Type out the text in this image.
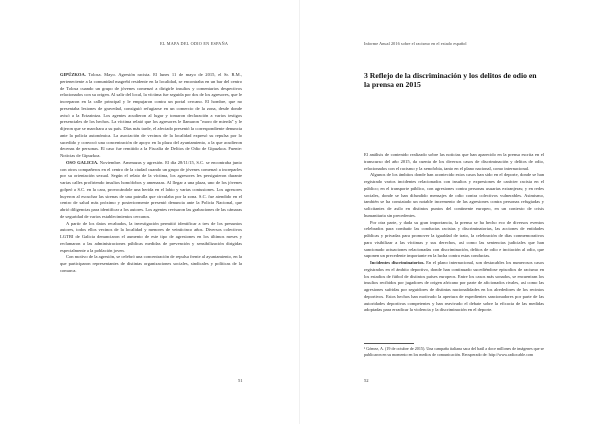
EL MAPA DEL ODIO EN ESPAÑA

GIPÚZKOA. Tolosa. Mayo. Agresión racista. El lunes 11 de mayo de 2015, el Sr. R.M., perteneciente a la comunidad magrebí residente en la localidad, se encontraba en un bar del centro de Tolosa cuando un grupo de jóvenes comenzó a dirigirle insultos y comentarios despectivos relacionados con su origen. Al salir del local, la víctima fue seguida por dos de los agresores, que le increparon en la calle principal y le empujaron contra un portal cercano. El hombre, que no presentaba lesiones de gravedad, consiguió refugiarse en un comercio de la zona, desde donde avisó a la Ertzaintza. Los agentes acudieron al lugar y tomaron declaración a varios testigos presenciales de los hechos. La víctima relató que los agresores le llamaron "moro de mierda" y le dijeron que se marchara a su país. Días más tarde, el afectado presentó la correspondiente denuncia ante la policía autonómica. La asociación de vecinos de la localidad expresó su repulsa por lo sucedido y convocó una concentración de apoyo en la plaza del ayuntamiento, a la que acudieron decenas de personas. El caso fue remitido a la Fiscalía de Delitos de Odio de Gipuzkoa. Fuente: Noticias de Gipuzkoa.

OSO GALICIA. Noviembre. Amenazas y agresión. El día 28/11/15, S.C. se encontraba junto con otros compañeros en el centro de la ciudad cuando un grupo de jóvenes comenzó a increparles por su orientación sexual. Según el relato de la víctima, los agresores les persiguieron durante varias calles profiriendo insultos homófobos y amenazas. Al llegar a una plaza, uno de los jóvenes golpeó a S.C. en la cara, provocándole una herida en el labio y varias contusiones. Los agresores huyeron al escuchar las sirenas de una patrulla que circulaba por la zona. S.C. fue atendido en el centro de salud más próximo y posteriormente presentó denuncia ante la Policía Nacional, que abrió diligencias para identificar a los autores. Los agentes revisaron las grabaciones de las cámaras de seguridad de varios establecimientos cercanos.

A partir de los datos recabados, la investigación permitió identificar a tres de los presuntos autores, todos ellos vecinos de la localidad y menores de veinticinco años. Diversos colectivos LGTBI de Galicia denunciaron el aumento de este tipo de agresiones en los últimos meses y reclamaron a las administraciones públicas medidas de prevención y sensibilización dirigidas especialmente a la población joven.

Con motivo de la agresión, se celebró una concentración de repulsa frente al ayuntamiento, en la que participaron representantes de distintas organizaciones sociales, sindicales y políticas de la comarca.

51
Informe Anual 2016 sobre el racismo en el estado español
3 Reflejo de la discriminación y los delitos de odio en la prensa en 2015

El análisis de contenido realizado sobre las noticias que han aparecido en la prensa escrita en el transcurso del año 2015, da cuenta de los diversos casos de discriminación y delitos de odio, relacionados con el racismo y la xenofobia, tanto en el plano nacional, como internacional.

Algunos de los ámbitos donde han acontecido estos casos han sido en el deporte, donde se han registrado varios incidentes relacionados con insultos y expresiones de carácter racista en el público; en el transporte público, con agresiones contra personas usuarias extranjeras; y en redes sociales, donde se han difundido mensajes de odio contra colectivos vulnerables. Asimismo, también se ha constatado un notable incremento de las agresiones contra personas refugiadas y solicitantes de asilo en distintos puntos del continente europeo, en un contexto de crisis humanitaria sin precedentes.

Por otra parte, y dada su gran importancia, la prensa se ha hecho eco de diversos eventos celebrados para combatir las conductas racistas y discriminatorias, las acciones de entidades públicas y privadas para promover la igualdad de trato, la celebración de días conmemorativos para visibilizar a las víctimas y sus derechos, así como las sentencias judiciales que han sancionado actuaciones relacionadas con discriminación, delitos de odio e incitación al odio, que suponen un precedente importante en la lucha contra estas conductas.

Incidentes discriminatorios. En el plano internacional, son destacables los numerosos casos registrados en el ámbito deportivo, donde han continuado sucediéndose episodios de racismo en los estadios de fútbol de distintos países europeos. Entre los casos más sonados, se encuentran los insultos recibidos por jugadores de origen africano por parte de aficionados rivales, así como las agresiones sufridas por seguidores de distintas nacionalidades en los alrededores de los recintos deportivos. Estos hechos han motivado la apertura de expedientes sancionadores por parte de las autoridades deportivas competentes y han reavivado el debate sobre la eficacia de las medidas adoptadas para erradicar la violencia y la discriminación en el deporte.

¹ Gómez, A. (19 de octubre de 2015). Una campaña italiana saca del baúl a doce millones de imágenes que se publicaron en su momento en los medios de comunicación. Recuperado de: http://www.radiocable.com
52
